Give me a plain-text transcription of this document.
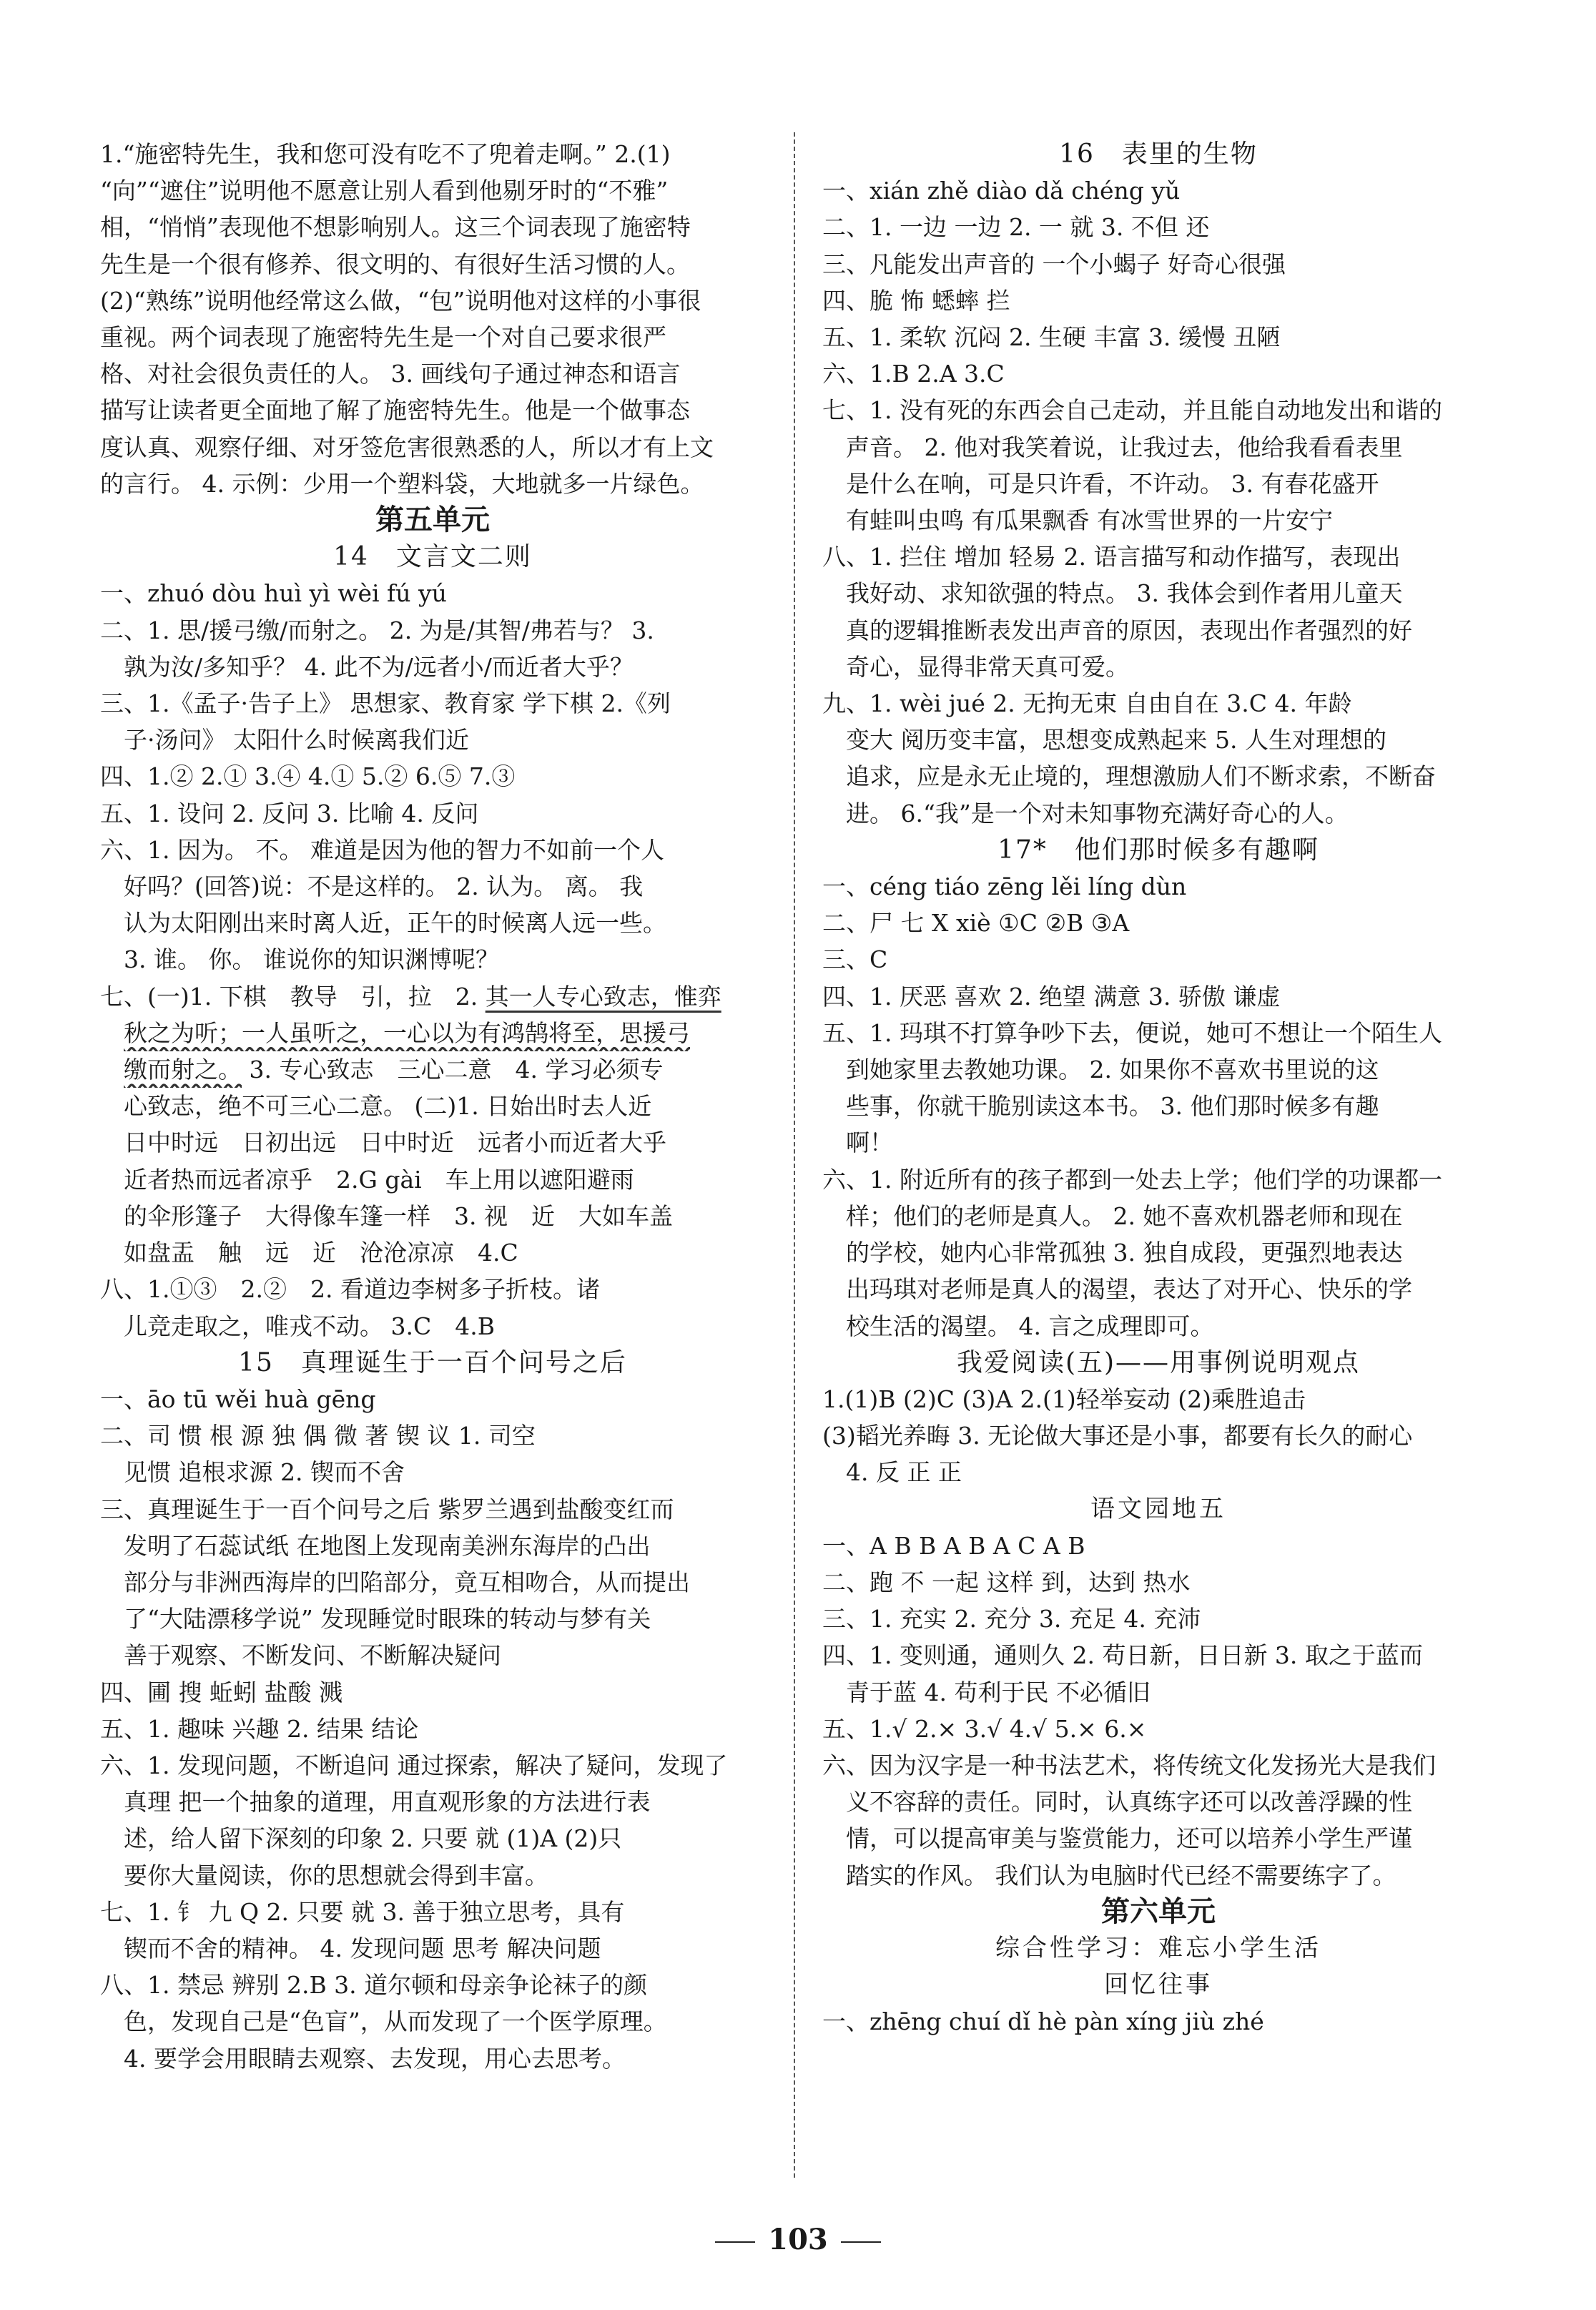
1.“施密特先生，我和您可没有吃不了兜着走啊。” 2.(1)

“向”“遮住”说明他不愿意让别人看到他剔牙时的“不雅”

相，“悄悄”表现他不想影响别人。这三个词表现了施密特

先生是一个很有修养、很文明的、有很好生活习惯的人。

(2)“熟练”说明他经常这么做，“包”说明他对这样的小事很

重视。两个词表现了施密特先生是一个对自己要求很严

格、对社会很负责任的人。 3. 画线句子通过神态和语言

描写让读者更全面地了解了施密特先生。他是一个做事态

度认真、观察仔细、对牙签危害很熟悉的人，所以才有上文

的言行。 4. 示例：少用一个塑料袋，大地就多一片绿色。

第五单元

14　文言文二则

一、zhuó dòu huì yì wèi fú yú

二、1. 思/援弓缴/而射之。 2. 为是/其智/弗若与？ 3.

孰为汝/多知乎？ 4. 此不为/远者小/而近者大乎？

三、1.《孟子·告子上》 思想家、教育家 学下棋 2.《列

子·汤问》 太阳什么时候离我们近

四、1.② 2.① 3.④ 4.① 5.② 6.⑤ 7.③

五、1. 设问 2. 反问 3. 比喻 4. 反问

六、1. 因为。 不。 难道是因为他的智力不如前一个人

好吗？(回答)说：不是这样的。 2. 认为。 离。 我

认为太阳刚出来时离人近，正午的时候离人远一些。

3. 谁。 你。 谁说你的知识渊博呢？

七、(一)1. 下棋　教导　引，拉　2. 其一人专心致志，惟弈

秋之为听；一人虽听之，一心以为有鸿鹄将至，思援弓

缴而射之。 3. 专心致志　三心二意　4. 学习必须专

心致志，绝不可三心二意。 (二)1. 日始出时去人近

日中时远　日初出远　日中时近　远者小而近者大乎

近者热而远者凉乎　2.G gài　车上用以遮阳避雨

的伞形篷子　大得像车篷一样　3. 视　近　大如车盖

如盘盂　触　远　近　沧沧凉凉　4.C

八、1.①③　2.②　2. 看道边李树多子折枝。诸

儿竞走取之，唯戎不动。 3.C　4.B

15　真理诞生于一百个问号之后

一、āo tū wěi huà gēng

二、司 惯 根 源 独 偶 微 著 锲 议 1. 司空

见惯 追根求源 2. 锲而不舍

三、真理诞生于一百个问号之后 紫罗兰遇到盐酸变红而

发明了石蕊试纸 在地图上发现南美洲东海岸的凸出

部分与非洲西海岸的凹陷部分，竟互相吻合，从而提出

了“大陆漂移学说” 发现睡觉时眼珠的转动与梦有关

善于观察、不断发问、不断解决疑问

四、圃 搜 蚯蚓 盐酸 溅

五、1. 趣味 兴趣 2. 结果 结论

六、1. 发现问题，不断追问 通过探索，解决了疑问，发现了

真理 把一个抽象的道理，用直观形象的方法进行表

述，给人留下深刻的印象 2. 只要 就 (1)A (2)只

要你大量阅读，你的思想就会得到丰富。

七、1. 钅 九 Q 2. 只要 就 3. 善于独立思考，具有

锲而不舍的精神。 4. 发现问题 思考 解决问题

八、1. 禁忌 辨别 2.B 3. 道尔顿和母亲争论袜子的颜

色，发现自己是“色盲”，从而发现了一个医学原理。

4. 要学会用眼睛去观察、去发现，用心去思考。

16　表里的生物

一、xián zhě diào dǎ chéng yǔ

二、1. 一边 一边 2. 一 就 3. 不但 还

三、凡能发出声音的 一个小蝎子 好奇心很强

四、脆 怖 蟋蟀 拦

五、1. 柔软 沉闷 2. 生硬 丰富 3. 缓慢 丑陋

六、1.B 2.A 3.C

七、1. 没有死的东西会自己走动，并且能自动地发出和谐的

声音。 2. 他对我笑着说，让我过去，他给我看看表里

是什么在响，可是只许看，不许动。 3. 有春花盛开

有蛙叫虫鸣 有瓜果飘香 有冰雪世界的一片安宁

八、1. 拦住 增加 轻易 2. 语言描写和动作描写，表现出

我好动、求知欲强的特点。 3. 我体会到作者用儿童天

真的逻辑推断表发出声音的原因，表现出作者强烈的好

奇心，显得非常天真可爱。

九、1. wèi jué 2. 无拘无束 自由自在 3.C 4. 年龄

变大 阅历变丰富，思想变成熟起来 5. 人生对理想的

追求，应是永无止境的，理想激励人们不断求索，不断奋

进。 6.“我”是一个对未知事物充满好奇心的人。

17*　他们那时候多有趣啊

一、céng tiáo zēng lěi líng dùn

二、尸 七 X xiè ①C ②B ③A

三、C

四、1. 厌恶 喜欢 2. 绝望 满意 3. 骄傲 谦虚

五、1. 玛琪不打算争吵下去，便说，她可不想让一个陌生人

到她家里去教她功课。 2. 如果你不喜欢书里说的这

些事，你就干脆别读这本书。 3. 他们那时候多有趣

啊！

六、1. 附近所有的孩子都到一处去上学；他们学的功课都一

样；他们的老师是真人。 2. 她不喜欢机器老师和现在

的学校，她内心非常孤独 3. 独自成段，更强烈地表达

出玛琪对老师是真人的渴望，表达了对开心、快乐的学

校生活的渴望。 4. 言之成理即可。

我爱阅读(五)——用事例说明观点

1.(1)B (2)C (3)A 2.(1)轻举妄动 (2)乘胜追击

(3)韬光养晦 3. 无论做大事还是小事，都要有长久的耐心

4. 反 正 正

语文园地五

一、A B B A B A C A B

二、跑 不 一起 这样 到，达到 热水

三、1. 充实 2. 充分 3. 充足 4. 充沛

四、1. 变则通，通则久 2. 苟日新，日日新 3. 取之于蓝而

青于蓝 4. 苟利于民 不必循旧

五、1.√ 2.× 3.√ 4.√ 5.× 6.×

六、因为汉字是一种书法艺术，将传统文化发扬光大是我们

义不容辞的责任。同时，认真练字还可以改善浮躁的性

情，可以提高审美与鉴赏能力，还可以培养小学生严谨

踏实的作风。 我们认为电脑时代已经不需要练字了。

第六单元

综合性学习：难忘小学生活

回忆往事

一、zhēng chuí dǐ hè pàn xíng jiù zhé

103
